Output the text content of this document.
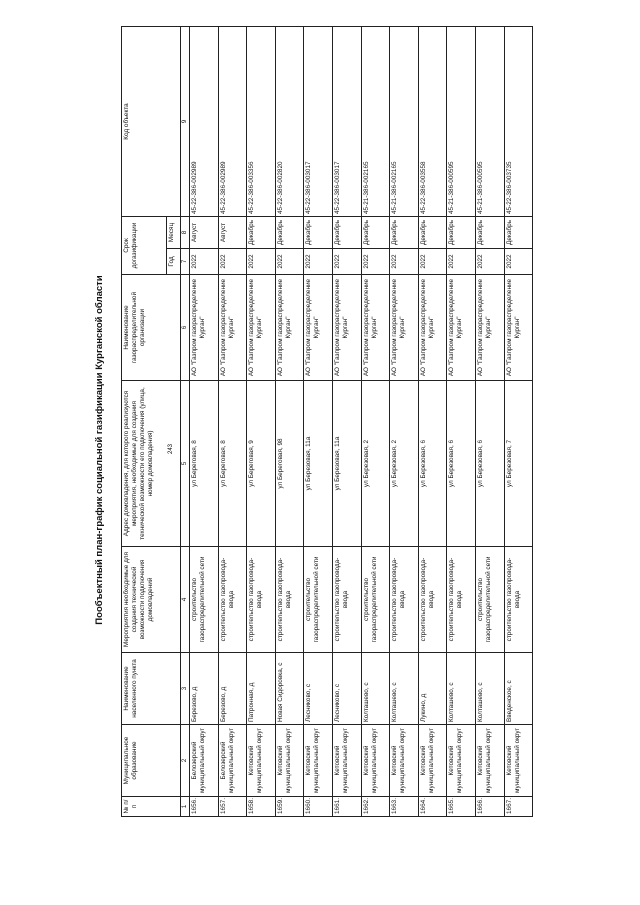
243
Пообъектный план-график социальной газификации Курганской области
№ п/п	Муниципальное образование	Наименование населенного пункта	Мероприятия необходимые для создания технической возможности подключения домовладений	Адрес домовладения, для которого реализуются мероприятия, необходимые для создания технической возможности его подключения (улица, номер домовладения)	Наименование газораспределительной организации	Срок догазификации		Код объекта
						Год	Месяц	
1	2	3	4	5	6	7	8	9
1656.	Белозерский муниципальный округ	Березово, д	строительство газораспределительной сети	ул Береговая, 8	АО "Газпром газораспределение Курган"	2022	Август	45-22-386-002989
1657.	Белозерский муниципальный округ	Березово, д	строительство газопровода-ввода	ул Береговая, 8	АО "Газпром газораспределение Курган"	2022	Август	45-22-386-002989
1658.	Кетовский муниципальный округ	Патронная, д	строительство газопровода-ввода	ул Береговая, 9	АО "Газпром газораспределение Курган"	2022	Декабрь	45-22-386-003356
1659.	Кетовский муниципальный округ	Новая Сидоровка, с	строительство газопровода-ввода	ул Береговая, 98	АО "Газпром газораспределение Курган"	2022	Декабрь	45-22-386-002820
1660.	Кетовский муниципальный округ	Лесниково, с	строительство газораспределительной сети	ул Березовая, 11а	АО "Газпром газораспределение Курган"	2022	Декабрь	45-22-386-003017
1661.	Кетовский муниципальный округ	Лесниково, с	строительство газопровода-ввода	ул Березовая, 11а	АО "Газпром газораспределение Курган"	2022	Декабрь	45-22-386-003017
1662.	Кетовский муниципальный округ	Колташево, с	строительство газораспределительной сети	ул Березовая, 2	АО "Газпром газораспределение Курган"	2022	Декабрь	45-21-386-002165
1663.	Кетовский муниципальный округ	Колташево, с	строительство газопровода-ввода	ул Березовая, 2	АО "Газпром газораспределение Курган"	2022	Декабрь	45-21-386-002165
1664.	Кетовский муниципальный округ	Лукино, д	строительство газопровода-ввода	ул Березовая, 6	АО "Газпром газораспределение Курган"	2022	Декабрь	45-22-386-003558
1665.	Кетовский муниципальный округ	Колташево, с	строительство газопровода-ввода	ул Березовая, 6	АО "Газпром газораспределение Курган"	2022	Декабрь	45-21-386-000595
1666.	Кетовский муниципальный округ	Колташево, с	строительство газораспределительной сети	ул Березовая, 6	АО "Газпром газораспределение Курган"	2022	Декабрь	45-21-386-000595
1667.	Кетовский муниципальный округ	Введенское, с	строительство газопровода-ввода	ул Березовая, 7	АО "Газпром газораспределение Курган"	2022	Декабрь	45-22-386-003735
